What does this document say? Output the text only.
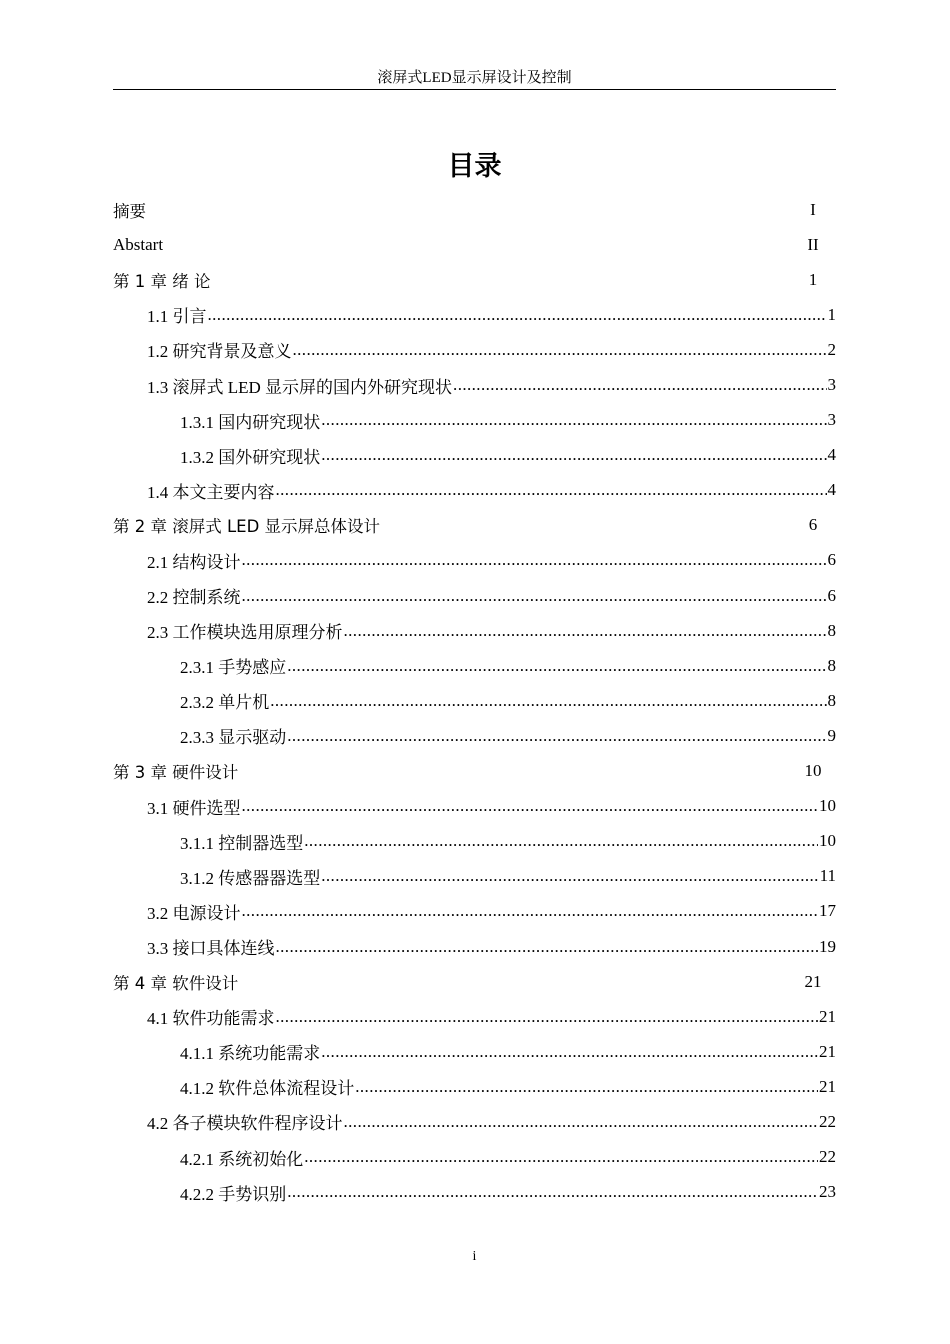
滚屏式LED显示屏设计及控制
目录
摘要	I
Abstart	II
第 1 章 绪 论	1
1.1 引言 .....	1
1.2 研究背景及意义 .....	2
1.3 滚屏式 LED 显示屏的国内外研究现状 .....	3
1.3.1 国内研究现状 .....	3
1.3.2 国外研究现状 .....	4
1.4 本文主要内容 .....	4
第 2 章 滚屏式 LED 显示屏总体设计	6
2.1 结构设计 .....	6
2.2 控制系统 .....	6
2.3 工作模块选用原理分析 .....	8
2.3.1 手势感应 .....	8
2.3.2 单片机 .....	8
2.3.3 显示驱动 .....	9
第 3 章 硬件设计	10
3.1 硬件选型 .....	10
3.1.1 控制器选型 .....	10
3.1.2 传感器器选型 .....	11
3.2 电源设计 .....	17
3.3 接口具体连线 .....	19
第 4 章 软件设计	21
4.1 软件功能需求 .....	21
4.1.1 系统功能需求 .....	21
4.1.2 软件总体流程设计 .....	21
4.2 各子模块软件程序设计 .....	22
4.2.1 系统初始化 .....	22
4.2.2 手势识别 .....	23
i
